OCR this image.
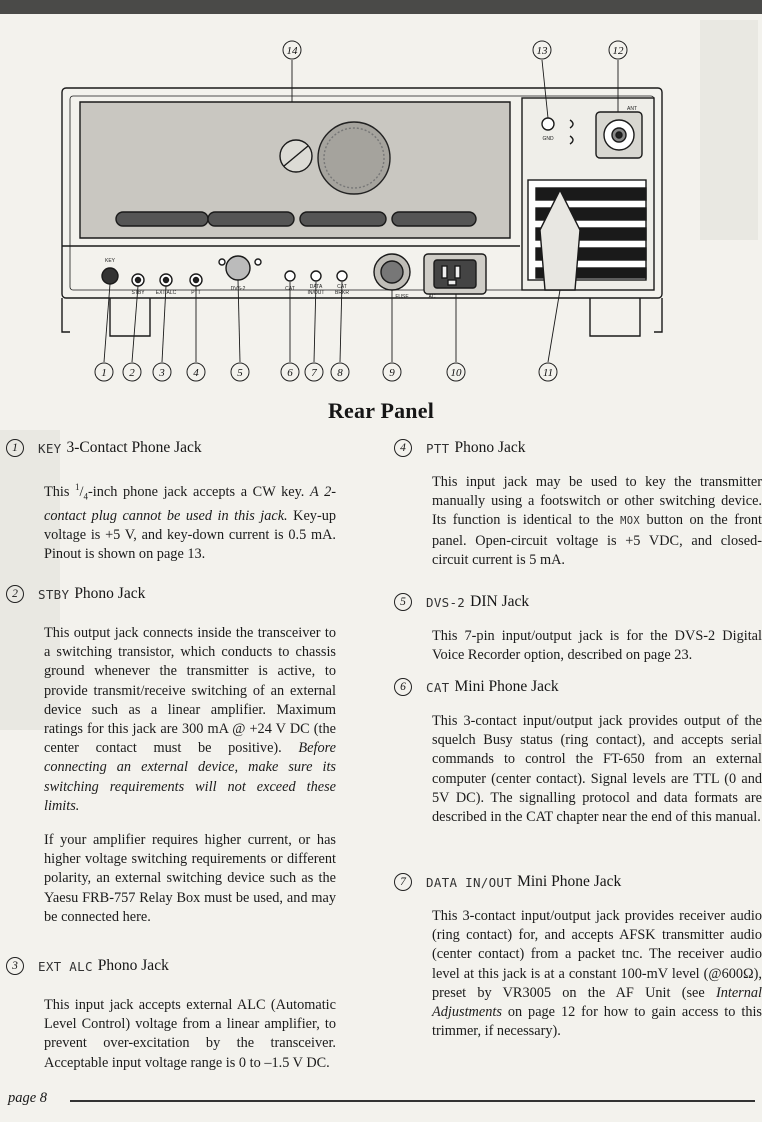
KEY
STBY EXT ALC	PTT
DVS-2	CAT	DATA
IN/OUT
CAT
BRKR
FUSE	AC
GND
ANT
14	13	12
1 2 3	4	5	6 7 8	9	10	11
Rear Panel
1	KEY 3-Contact Phone Jack

This $^1/_4$-inch phone jack accepts a CW key. A 2-contact plug cannot be used in this jack. Key-up voltage is +5 V, and key-down current is 0.5 mA. Pinout is shown on page 13.

2	STBY Phono Jack

This output jack connects inside the transceiver to a switching transistor, which conducts to chassis ground whenever the transmitter is active, to provide transmit/receive switching of an external device such as a linear amplifier. Maximum ratings for this jack are 300 mA @ +24 V DC (the center contact must be positive). Before connecting an external device, make sure its switching requirements will not exceed these limits.

If your amplifier requires higher current, or has higher voltage switching requirements or different polarity, an external switching device such as the Yaesu FRB-757 Relay Box must be used, and may be connected here.

3	EXT ALC Phono Jack

This input jack accepts external ALC (Automatic Level Control) voltage from a linear amplifier, to prevent over-excitation by the transceiver. Acceptable input voltage range is 0 to –1.5 V DC.

4	PTT Phono Jack

This input jack may be used to key the transmitter manually using a footswitch or other switching device. Its function is identical to the MOX button on the front panel. Open-circuit voltage is +5 VDC, and closed-circuit current is 5 mA.

5	DVS-2 DIN Jack

This 7-pin input/output jack is for the DVS-2 Digital Voice Recorder option, described on page 23.

6	CAT Mini Phone Jack

This 3-contact input/output jack provides output of the squelch Busy status (ring contact), and accepts serial commands to control the FT-650 from an external computer (center contact). Signal levels are TTL (0 and 5V DC). The signalling protocol and data formats are described in the CAT chapter near the end of this manual.

7	DATA IN/OUT Mini Phone Jack

This 3-contact input/output jack provides receiver audio (ring contact) for, and accepts AFSK transmitter audio (center contact) from a packet tnc. The receiver audio level at this jack is at a constant 100-mV level (@600Ω), preset by VR3005 on the AF Unit (see Internal Adjustments on page 12 for how to gain access to this trimmer, if necessary).

page 8
